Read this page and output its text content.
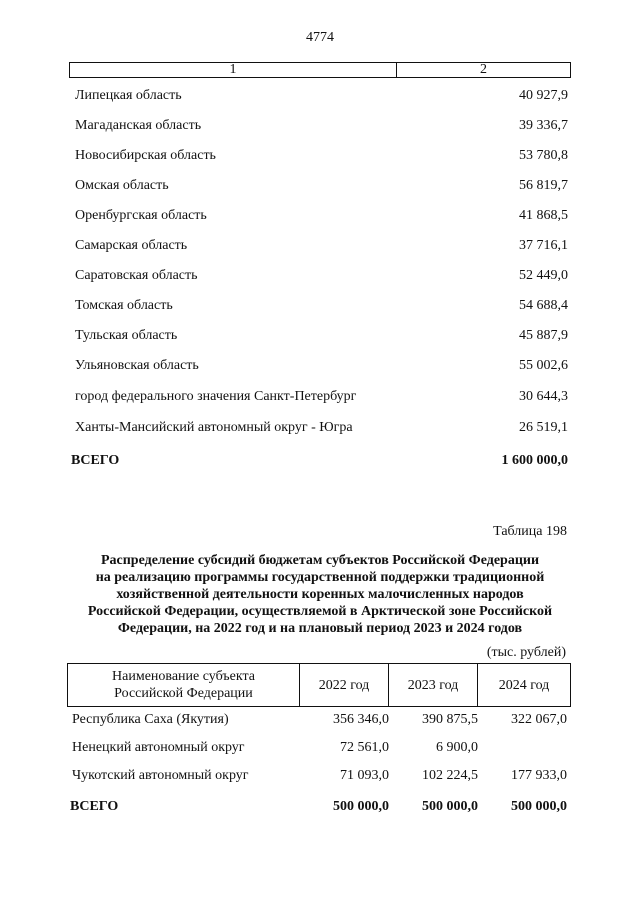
4774
1	2
Липецкая область	40 927,9
Магаданская область	39 336,7
Новосибирская область	53 780,8
Омская область	56 819,7
Оренбургская область	41 868,5
Самарская область	37 716,1
Саратовская область	52 449,0
Томская область	54 688,4
Тульская область	45 887,9
Ульяновская область	55 002,6
город федерального значения Санкт-Петербург	30 644,3
Ханты-Мансийский автономный округ - Югра	26 519,1
ВСЕГО	1 600 000,0
Таблица 198
Распределение субсидий бюджетам субъектов Российской Федерации
на реализацию программы государственной поддержки традиционной
хозяйственной деятельности коренных малочисленных народов
Российской Федерации, осуществляемой в Арктической зоне Российской
Федерации, на 2022 год и на плановый период 2023 и 2024 годов
(тыс. рублей)
Наименование субъекта
Российской Федерации
2022 год	2023 год	2024 год
Республика Саха (Якутия)	356 346,0 390 875,5 322 067,0
Ненецкий автономный округ	72 561,0	6 900,0
Чукотский автономный округ	71 093,0 102 224,5 177 933,0
ВСЕГО	500 000,0 500 000,0 500 000,0
